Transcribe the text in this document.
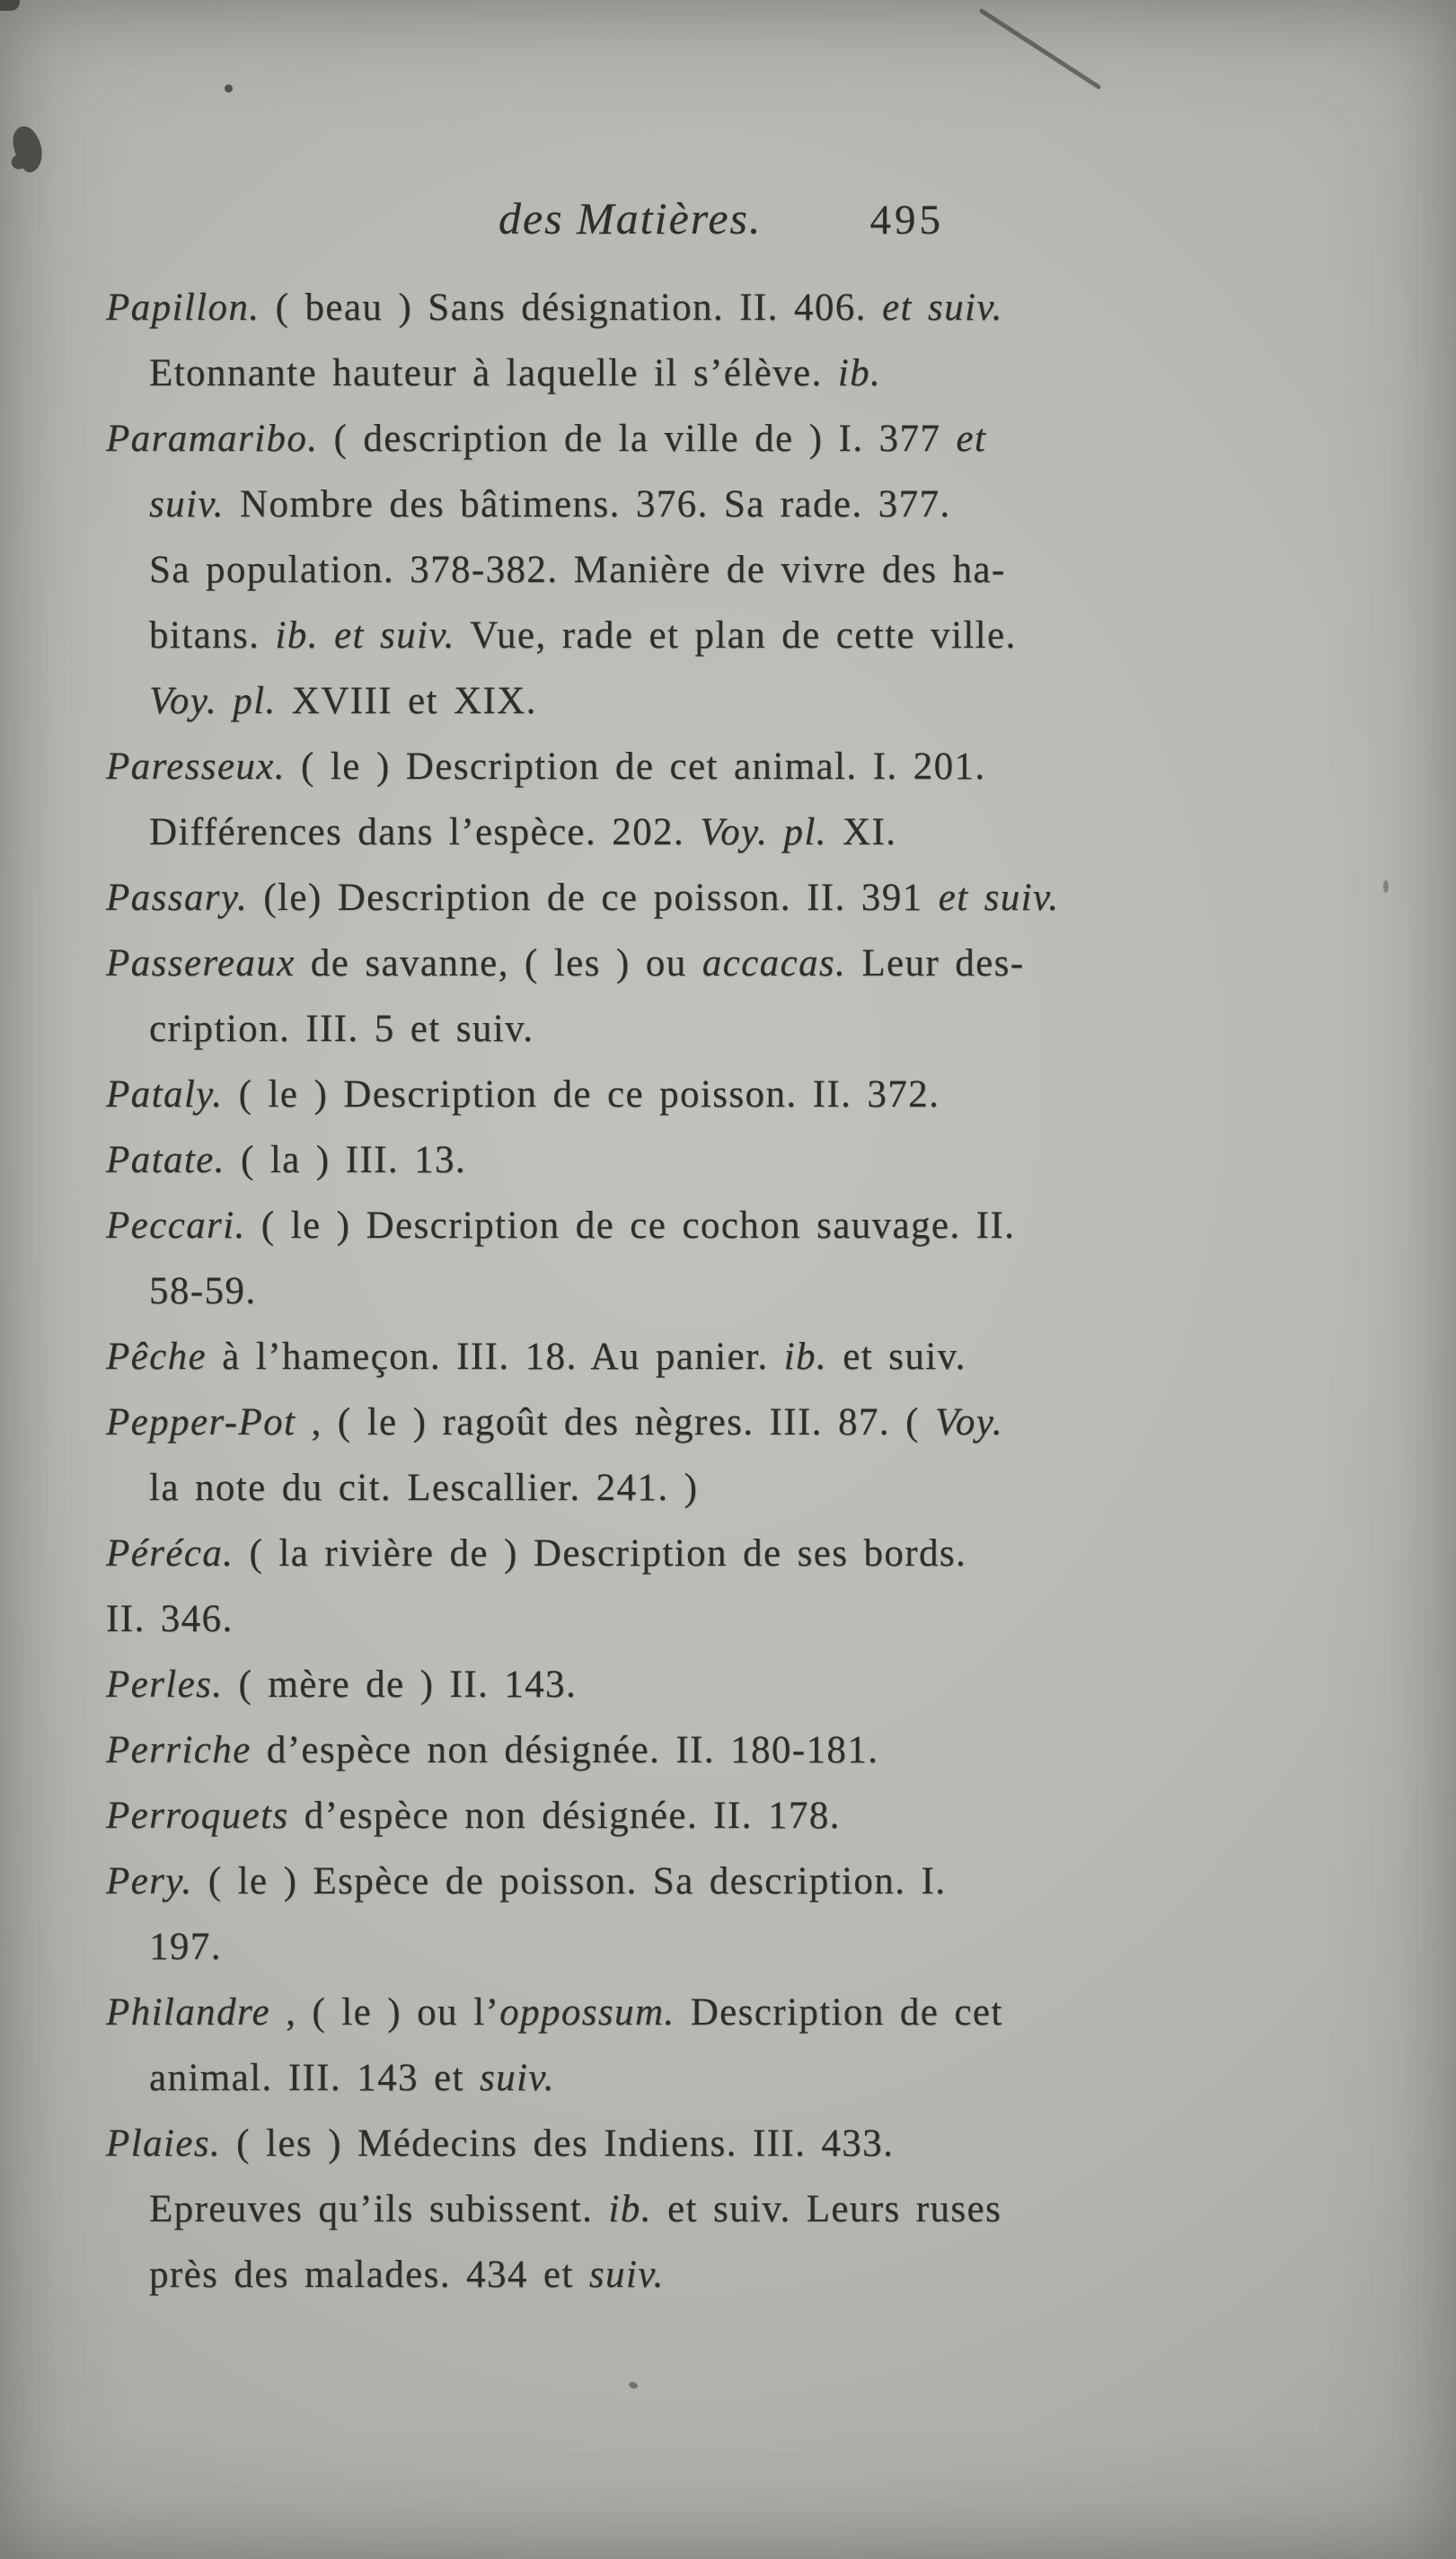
des Matières.	495
Papillon. ( beau ) Sans désignation. II. 406. et suiv.
Etonnante hauteur à laquelle il s’élève. ib.
Paramaribo. ( description de la ville de ) I. 377 et
suiv. Nombre des bâtimens. 376. Sa rade. 377.
Sa population. 378-382. Manière de vivre des ha-
bitans. ib. et suiv. Vue, rade et plan de cette ville.
Voy. pl. XVIII et XIX.
Paresseux. ( le ) Description de cet animal. I. 201.
Différences dans l’espèce. 202. Voy. pl. XI.
Passary. (le) Description de ce poisson. II. 391 et suiv.
Passereaux de savanne, ( les ) ou accacas. Leur des-
cription. III. 5 et suiv.
Pataly. ( le ) Description de ce poisson. II. 372.
Patate. ( la ) III. 13.
Peccari. ( le ) Description de ce cochon sauvage. II.
58-59.
Pêche à l’hameçon. III. 18. Au panier. ib. et suiv.
Pepper-Pot , ( le ) ragoût des nègres. III. 87. ( Voy.
la note du cit. Lescallier. 241. )
Péréca. ( la rivière de ) Description de ses bords.
II. 346.
Perles. ( mère de ) II. 143.
Perriche d’espèce non désignée. II. 180-181.
Perroquets d’espèce non désignée. II. 178.
Pery. ( le ) Espèce de poisson. Sa description. I.
197.
Philandre , ( le ) ou l’oppossum. Description de cet
animal. III. 143 et suiv.
Plaies. ( les ) Médecins des Indiens. III. 433.
Epreuves qu’ils subissent. ib. et suiv. Leurs ruses
près des malades. 434 et suiv.
